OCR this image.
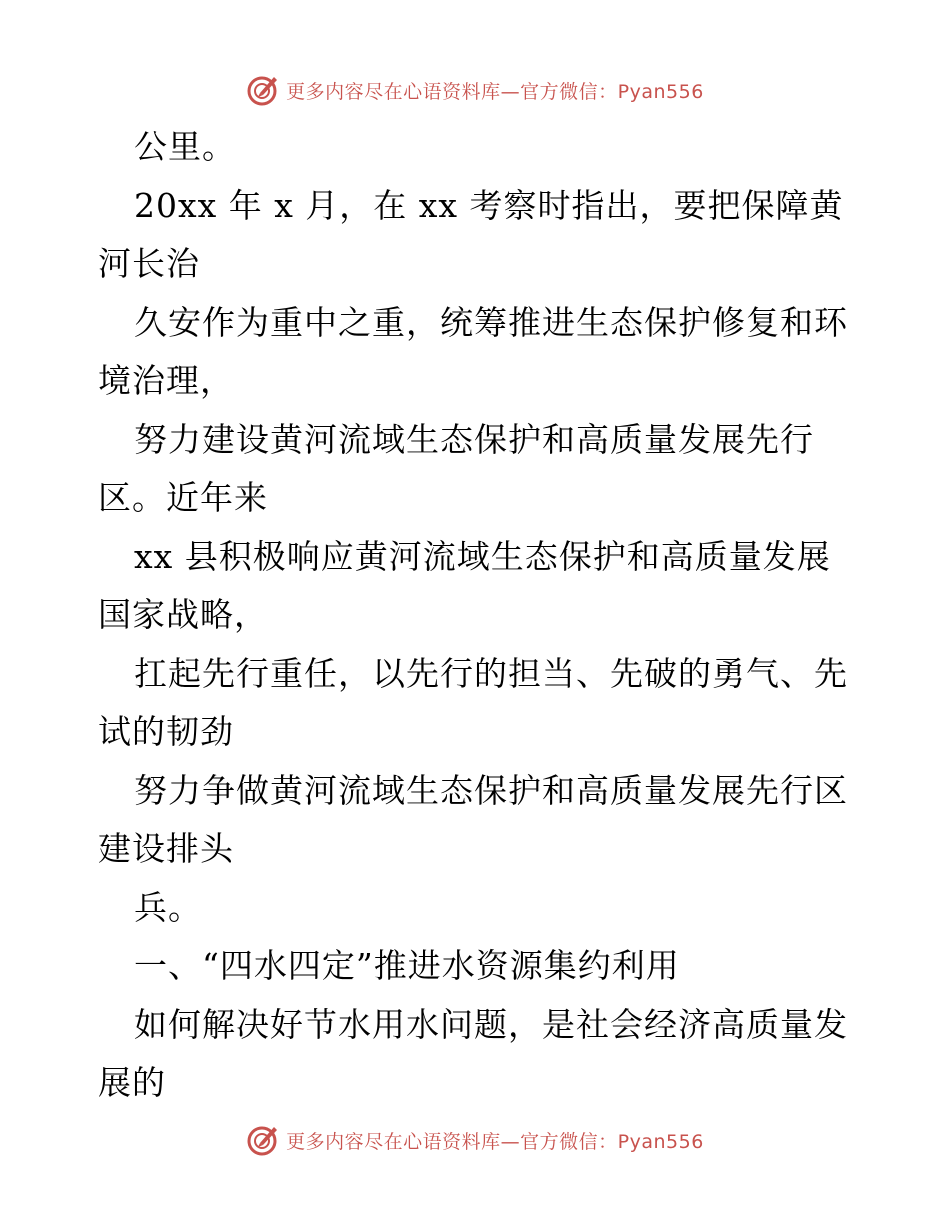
更多内容尽在心语资料库—官方微信：Pyan556
公里。
20xx 年 x 月，在 xx 考察时指出，要把保障黄
河长治
久安作为重中之重，统筹推进生态保护修复和环
境治理，
努力建设黄河流域生态保护和高质量发展先行
区。近年来
xx 县积极响应黄河流域生态保护和高质量发展
国家战略，
扛起先行重任，以先行的担当、先破的勇气、先
试的韧劲
努力争做黄河流域生态保护和高质量发展先行区
建设排头
兵。
一、“四水四定”推进水资源集约利用
如何解决好节水用水问题，是社会经济高质量发
展的
更多内容尽在心语资料库—官方微信：Pyan556
